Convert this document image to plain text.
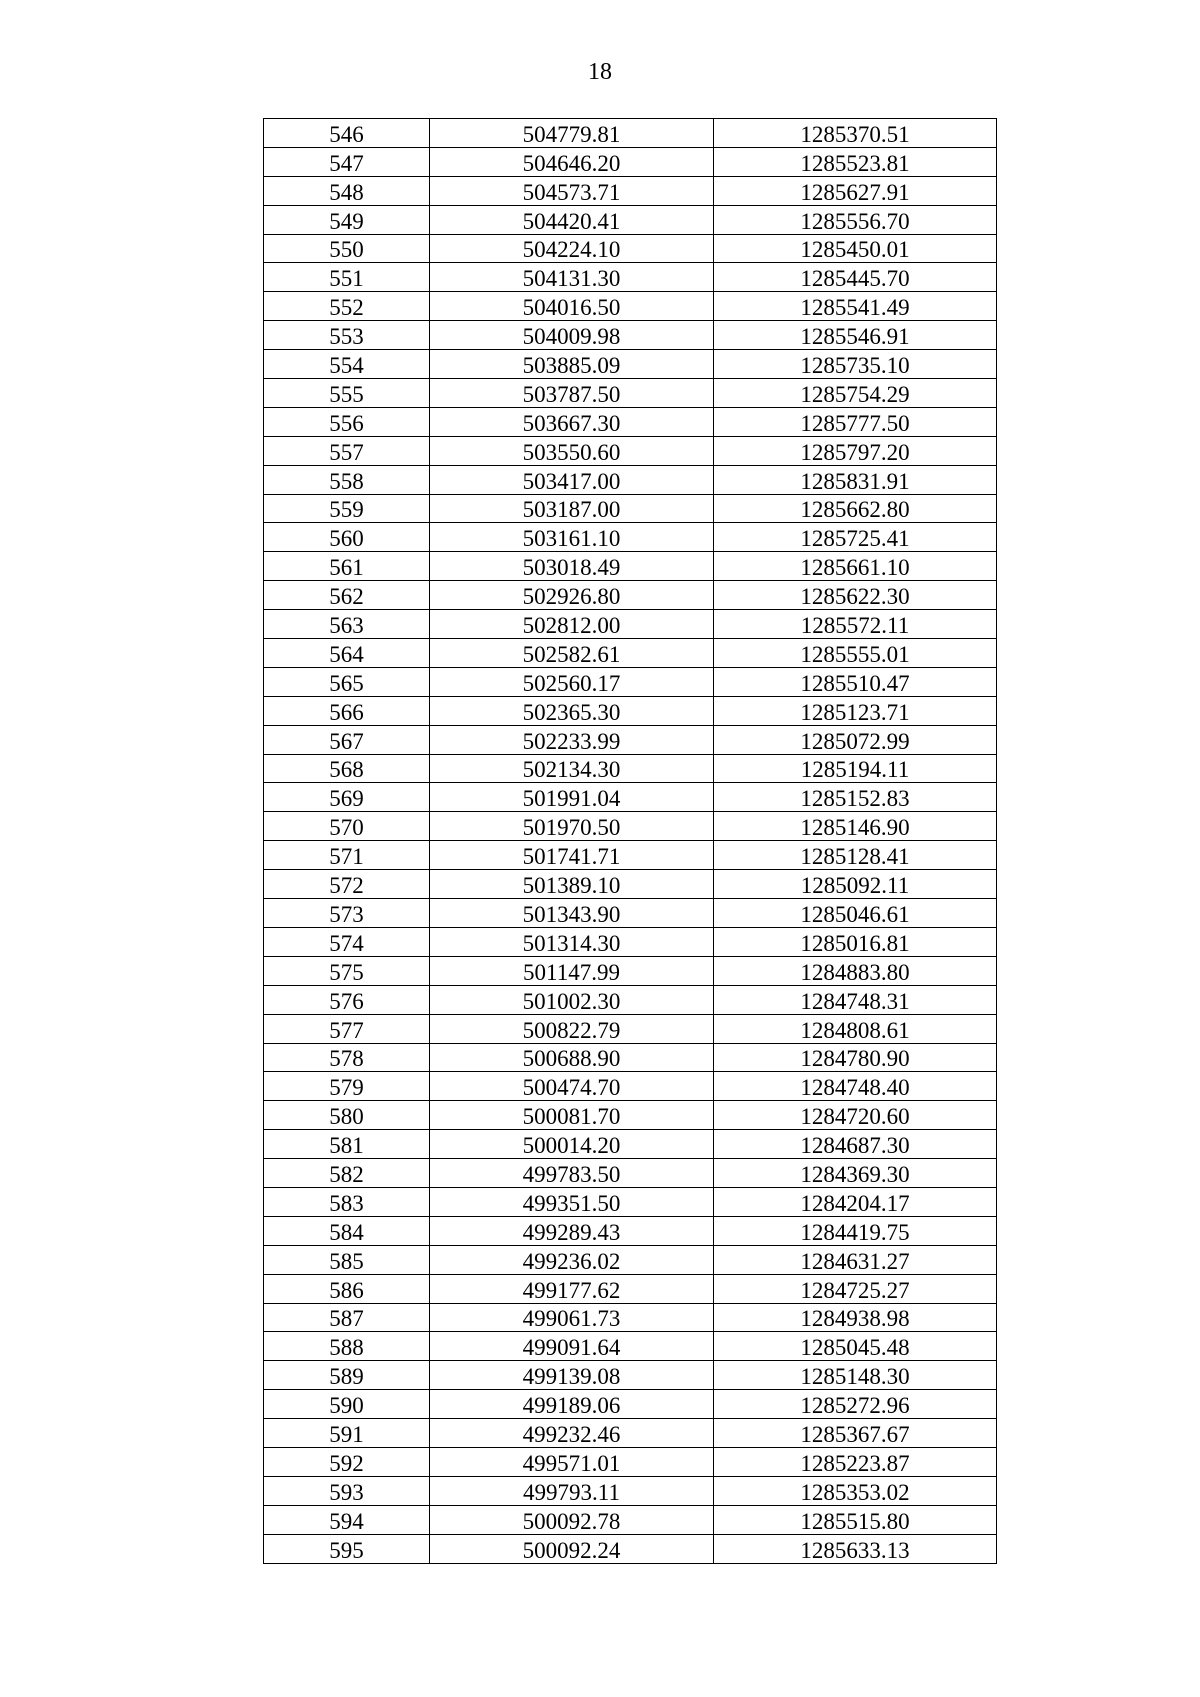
18
546	504779.81	1285370.51
547	504646.20	1285523.81
548	504573.71	1285627.91
549	504420.41	1285556.70
550	504224.10	1285450.01
551	504131.30	1285445.70
552	504016.50	1285541.49
553	504009.98	1285546.91
554	503885.09	1285735.10
555	503787.50	1285754.29
556	503667.30	1285777.50
557	503550.60	1285797.20
558	503417.00	1285831.91
559	503187.00	1285662.80
560	503161.10	1285725.41
561	503018.49	1285661.10
562	502926.80	1285622.30
563	502812.00	1285572.11
564	502582.61	1285555.01
565	502560.17	1285510.47
566	502365.30	1285123.71
567	502233.99	1285072.99
568	502134.30	1285194.11
569	501991.04	1285152.83
570	501970.50	1285146.90
571	501741.71	1285128.41
572	501389.10	1285092.11
573	501343.90	1285046.61
574	501314.30	1285016.81
575	501147.99	1284883.80
576	501002.30	1284748.31
577	500822.79	1284808.61
578	500688.90	1284780.90
579	500474.70	1284748.40
580	500081.70	1284720.60
581	500014.20	1284687.30
582	499783.50	1284369.30
583	499351.50	1284204.17
584	499289.43	1284419.75
585	499236.02	1284631.27
586	499177.62	1284725.27
587	499061.73	1284938.98
588	499091.64	1285045.48
589	499139.08	1285148.30
590	499189.06	1285272.96
591	499232.46	1285367.67
592	499571.01	1285223.87
593	499793.11	1285353.02
594	500092.78	1285515.80
595	500092.24	1285633.13
